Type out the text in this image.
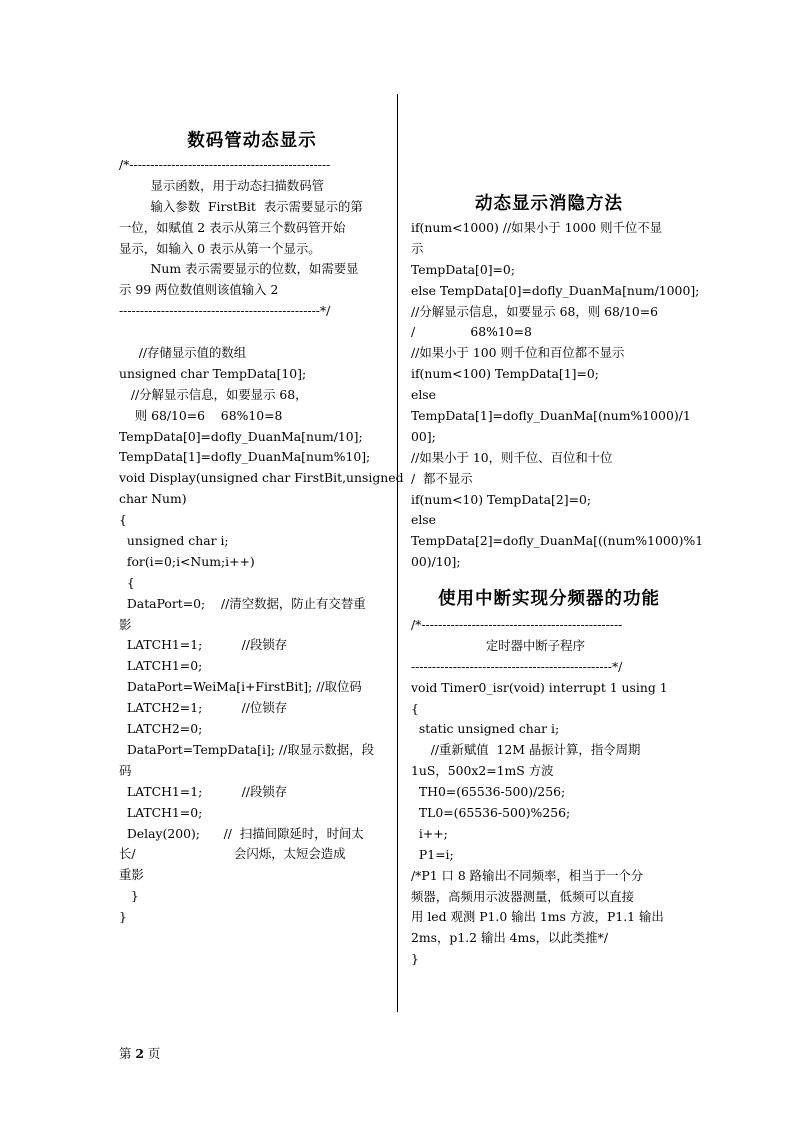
数码管动态显示
/*------------------------------------------------
显示函数，用于动态扫描数码管
输入参数  FirstBit  表示需要显示的第
一位，如赋值 2 表示从第三个数码管开始
显示，如输入 0 表示从第一个显示。
Num 表示需要显示的位数，如需要显
示 99 两位数值则该值输入 2
------------------------------------------------*/
//存储显示值的数组
unsigned char TempData[10];
//分解显示信息，如要显示 68，
则 68/10=6    68%10=8
TempData[0]=dofly_DuanMa[num/10];
TempData[1]=dofly_DuanMa[num%10];
void Display(unsigned char FirstBit,unsigned
char Num)
{
unsigned char i;
for(i=0;i<Num;i++)
{
DataPort=0;    //清空数据，防止有交替重
影
LATCH1=1;          //段锁存
LATCH1=0;
DataPort=WeiMa[i+FirstBit]; //取位码
LATCH2=1;          //位锁存
LATCH2=0;
DataPort=TempData[i]; //取显示数据，段
码
LATCH1=1;          //段锁存
LATCH1=0;
Delay(200);      //  扫描间隙延时，时间太
长/                         会闪烁，太短会造成
重影
}
}
动态显示消隐方法
if(num<1000) //如果小于 1000 则千位不显
示
TempData[0]=0;
else TempData[0]=dofly_DuanMa[num/1000];
//分解显示信息，如要显示 68，则 68/10=6
/              68%10=8
//如果小于 100 则千位和百位都不显示
if(num<100) TempData[1]=0;
else
TempData[1]=dofly_DuanMa[(num%1000)/1
00];
//如果小于 10，则千位、百位和十位
/  都不显示
if(num<10) TempData[2]=0;
else
TempData[2]=dofly_DuanMa[((num%1000)%1
00)/10];
使用中断实现分频器的功能
/*------------------------------------------------
定时器中断子程序
------------------------------------------------*/
void Timer0_isr(void) interrupt 1 using 1
{
static unsigned char i;
//重新赋值  12M 晶振计算，指令周期
1uS，500x2=1mS 方波
TH0=(65536-500)/256;
TL0=(65536-500)%256;
i++;
P1=i;
/*P1 口 8 路输出不同频率，相当于一个分
频器，高频用示波器测量，低频可以直接
用 led 观测 P1.0 输出 1ms 方波，P1.1 输出
2ms，p1.2 输出 4ms，以此类推*/
}
第 2 页
